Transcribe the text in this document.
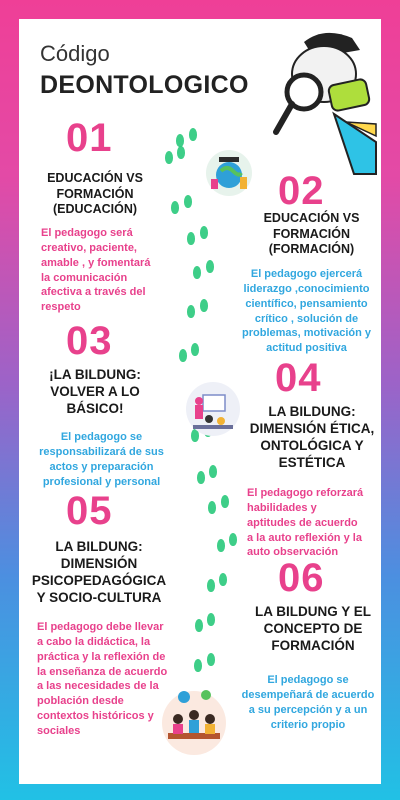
Código
DEONTOLOGICO
01
EDUCACIÓN VS
FORMACIÓN
(EDUCACIÓN)
El pedagogo será
creativo, paciente,
amable , y fomentará
la comunicación
afectiva a través del
respeto
02
EDUCACIÓN VS
FORMACIÓN
(FORMACIÓN)
El pedagogo ejercerá
liderazgo ,conocimiento
científico, pensamiento
crítico , solución de
problemas, motivación y
actitud positiva
03
¡LA BILDUNG:
VOLVER A LO
BÁSICO!
El pedagogo se
responsabilizará de sus
actos y preparación
profesional y personal
04
LA BILDUNG:
DIMENSIÓN ÉTICA,
ONTOLÓGICA Y
ESTÉTICA
El pedagogo reforzará
habilidades y
aptitudes de acuerdo
a la auto reflexión y la
auto observación
05
LA BILDUNG:
DIMENSIÓN
PSICOPEDAGÓGICA
Y SOCIO-CULTURA
El pedagogo debe llevar
a cabo la didáctica, la
práctica y la reflexión de
la enseñanza de acuerdo
a las necesidades de la
población desde
contextos históricos y
sociales
06
LA BILDUNG Y EL
CONCEPTO DE
FORMACIÓN
El pedagogo se
desempeñará de acuerdo
a su percepción y a un
criterio propio
